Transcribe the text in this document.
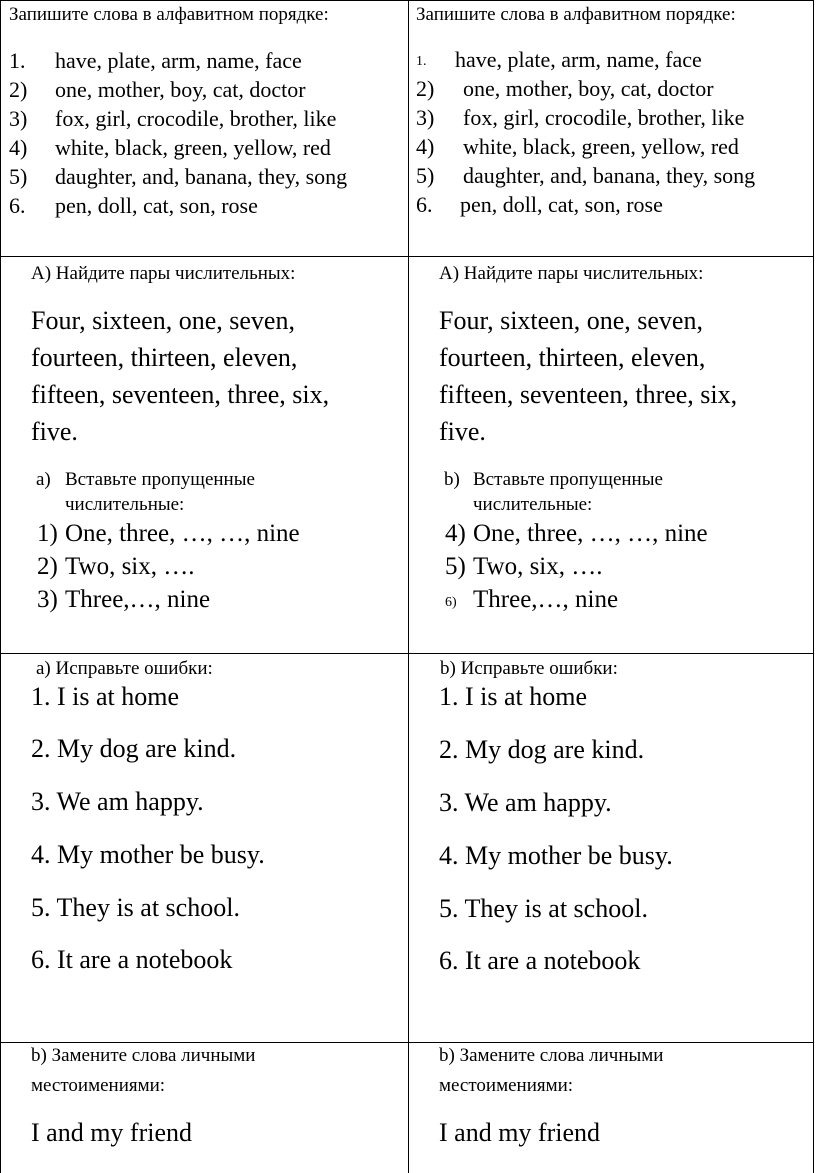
Запишите слова в алфавитном порядке:
1. have, plate, arm, name, face
2) one, mother, boy, cat, doctor
3) fox, girl, crocodile, brother, like
4) white, black, green, yellow, red
5) daughter, and, banana, they, song
6. pen, doll, cat, son, rose
Запишите слова в алфавитном порядке:
1. have, plate, arm, name, face
2) one, mother, boy, cat, doctor
3) fox, girl, crocodile, brother, like
4) white, black, green, yellow, red
5) daughter, and, banana, they, song
6. pen, doll, cat, son, rose
А) Найдите пары числительных:
Four, sixteen, one, seven,
fourteen, thirteen, eleven,
fifteen, seventeen, three, six,
five.
a) Вставьте пропущенные
числительные:
1) One, three, …, …, nine
2) Two, six, ….
3) Three,…, nine
А) Найдите пары числительных:
Four, sixteen, one, seven,
fourteen, thirteen, eleven,
fifteen, seventeen, three, six,
five.
b) Вставьте пропущенные
числительные:
4) One, three, …, …, nine
5) Two, six, ….
6) Three,…, nine
a) Исправьте ошибки:
1. I is at home
2. My dog are kind.
3. We am happy.
4. My mother be busy.
5. They is at school.
6. It are a notebook
b) Исправьте ошибки:
1. I is at home
2. My dog are kind.
3. We am happy.
4. My mother be busy.
5. They is at school.
6. It are a notebook
b) Замените слова личными
местоимениями:
I and my friend
b) Замените слова личными
местоимениями:
I and my friend
